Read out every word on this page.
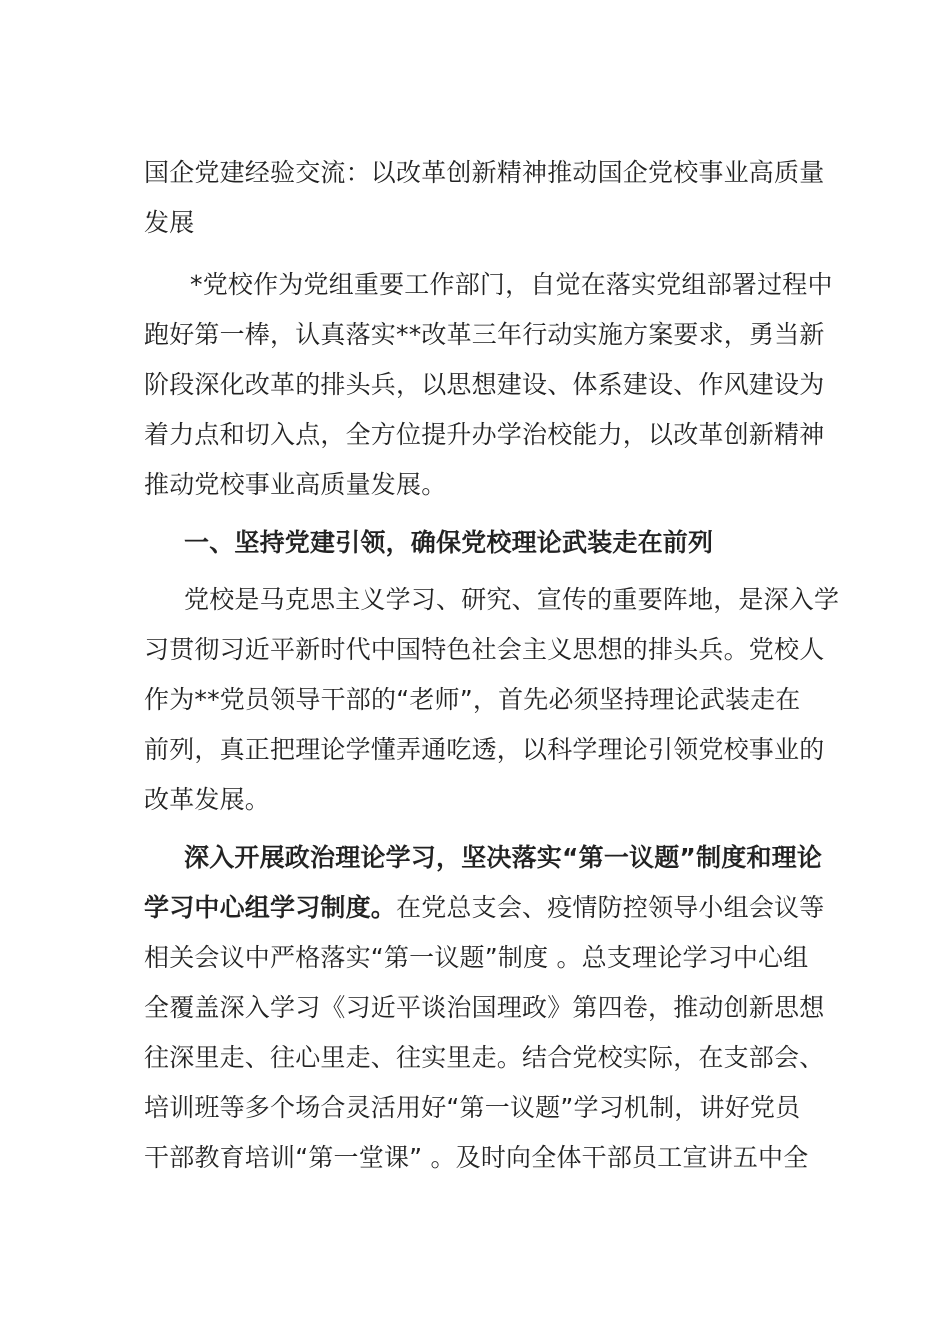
国企党建经验交流：以改革创新精神推动国企党校事业高质量
发展
*党校作为党组重要工作部门，自觉在落实党组部署过程中
跑好第一棒，认真落实**改革三年行动实施方案要求，勇当新
阶段深化改革的排头兵，以思想建设、体系建设、作风建设为
着力点和切入点，全方位提升办学治校能力，以改革创新精神
推动党校事业高质量发展。
一、坚持党建引领，确保党校理论武装走在前列
党校是马克思主义学习、研究、宣传的重要阵地，是深入学
习贯彻习近平新时代中国特色社会主义思想的排头兵。党校人
作为**党员领导干部的“老师”，首先必须坚持理论武装走在
前列，真正把理论学懂弄通吃透，以科学理论引领党校事业的
改革发展。
深入开展政治理论学习，坚决落实“第一议题”制度和理论
学习中心组学习制度。在党总支会、疫情防控领导小组会议等
相关会议中严格落实“第一议题”制度 。总支理论学习中心组
全覆盖深入学习《习近平谈治国理政》第四卷，推动创新思想
往深里走、往心里走、往实里走。结合党校实际，在支部会、
培训班等多个场合灵活用好“第一议题”学习机制，讲好党员
干部教育培训“第一堂课” 。及时向全体干部员工宣讲五中全
